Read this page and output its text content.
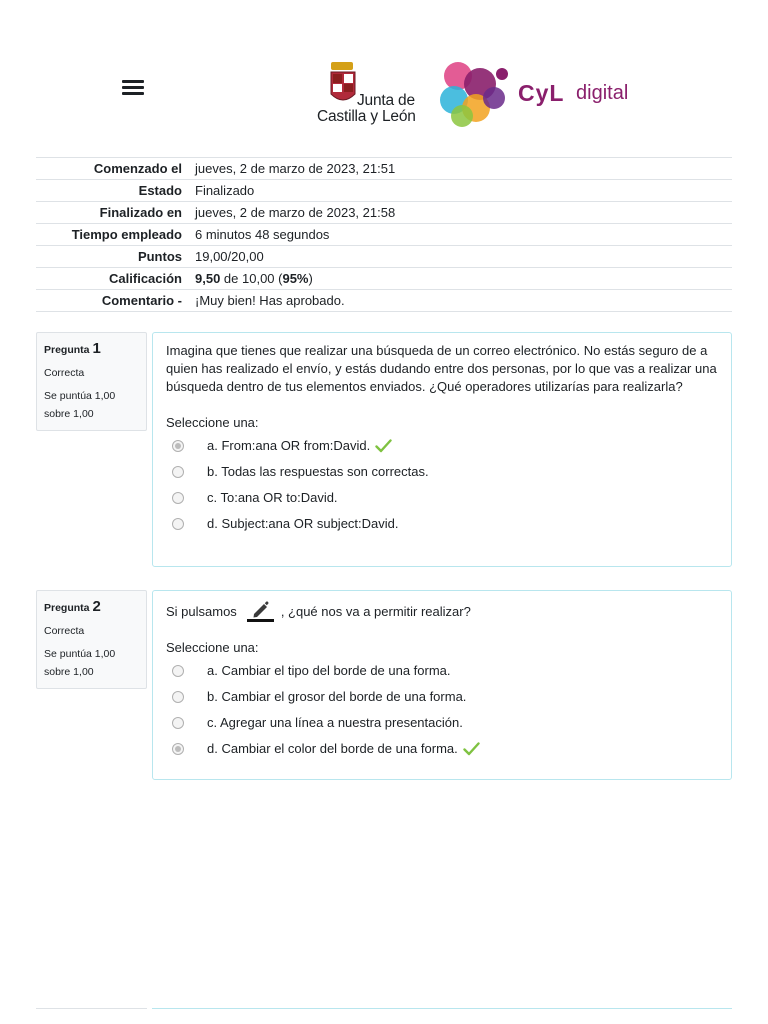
Junta de
Castilla y León
CyL digital
Comenzado el	jueves, 2 de marzo de 2023, 21:51
Estado	Finalizado
Finalizado en	jueves, 2 de marzo de 2023, 21:58
Tiempo empleado	6 minutos 48 segundos
Puntos	19,00/20,00
Calificación	9,50 de 10,00 (95%)
Comentario -	¡Muy bien! Has aprobado.
Pregunta 1
Correcta
Se puntúa 1,00 sobre 1,00
Imagina que tienes que realizar una búsqueda de un correo electrónico. No estás seguro de a quien has realizado el envío, y estás dudando entre dos personas, por lo que vas a realizar una búsqueda dentro de tus elementos enviados. ¿Qué operadores utilizarías para realizarla?
Seleccione una:
a. From:ana OR from:David.
b. Todas las respuestas son correctas.
c. To:ana OR to:David.
d. Subject:ana OR subject:David.
Pregunta 2
Correcta
Se puntúa 1,00 sobre 1,00
Si pulsamos	, ¿qué nos va a permitir realizar?
Seleccione una:
a. Cambiar el tipo del borde de una forma.
b. Cambiar el grosor del borde de una forma.
c. Agregar una línea a nuestra presentación.
d. Cambiar el color del borde de una forma.
